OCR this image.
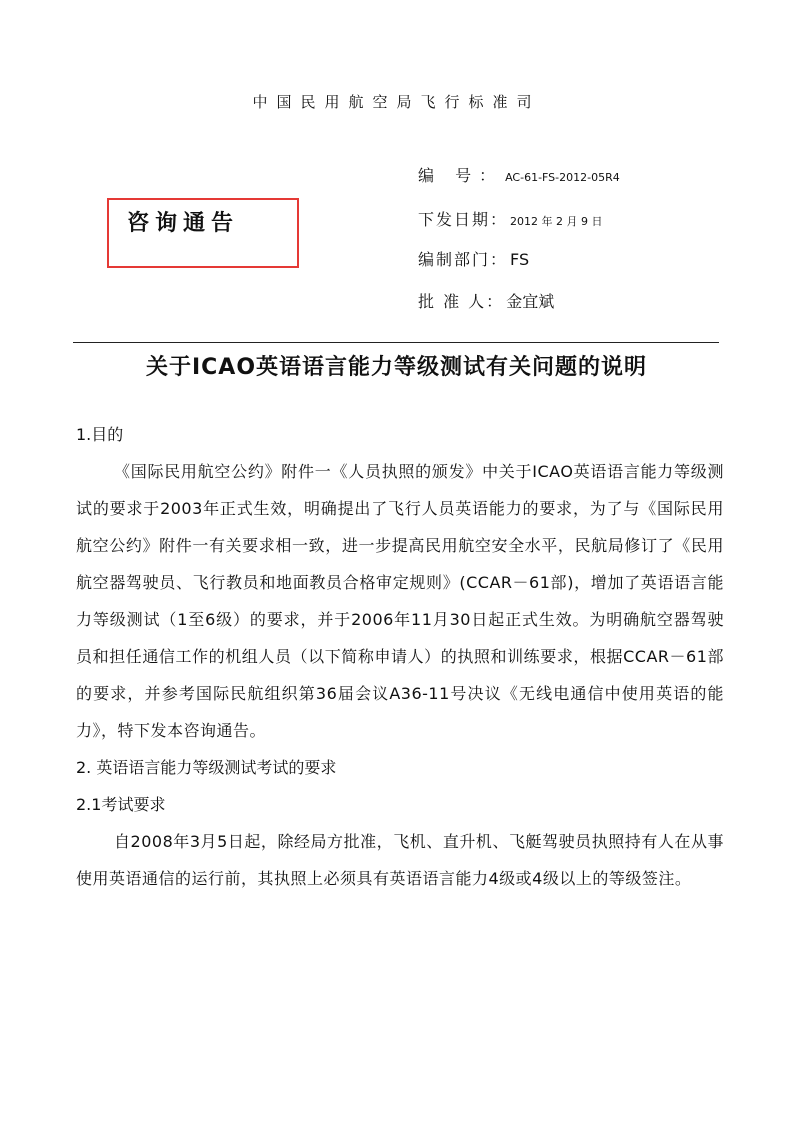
中国民用航空局飞行标准司
咨询通告
编 号： AC-61-FS-2012-05R4
下发日期： 2012 年 2 月 9 日
编制部门： FS
批 准 人： 金宜斌
关于ICAO英语语言能力等级测试有关问题的说明

1.目的

《国际民用航空公约》附件一《人员执照的颁发》中关于ICAO英语语言能力等级测试的要求于2003年正式生效，明确提出了飞行人员英语能力的要求，为了与《国际民用航空公约》附件一有关要求相一致，进一步提高民用航空安全水平，民航局修订了《民用航空器驾驶员、飞行教员和地面教员合格审定规则》(CCAR－61部)，增加了英语语言能力等级测试（1至6级）的要求，并于2006年11月30日起正式生效。为明确航空器驾驶员和担任通信工作的机组人员（以下简称申请人）的执照和训练要求，根据CCAR－61部的要求，并参考国际民航组织第36届会议A36-11号决议《无线电通信中使用英语的能力》，特下发本咨询通告。

2. 英语语言能力等级测试考试的要求

2.1考试要求

自2008年3月5日起，除经局方批准，飞机、直升机、飞艇驾驶员执照持有人在从事使用英语通信的运行前，其执照上必须具有英语语言能力4级或4级以上的等级签注。
